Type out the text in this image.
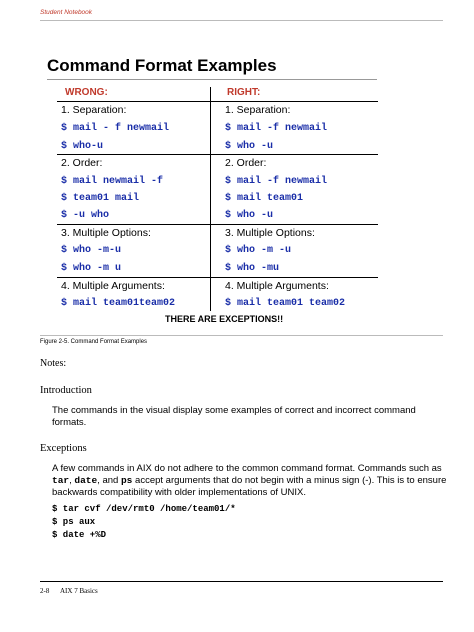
Student Notebook
Command Format Examples
WRONG:	RIGHT:
1. Separation:	1. Separation:
$ mail - f newmail	$ mail -f newmail
$ who-u	$ who -u
2. Order:	2. Order:
$ mail newmail -f	$ mail -f newmail
$ team01 mail	$ mail team01
$ -u who	$ who -u
3. Multiple Options:	3. Multiple Options:
$ who -m-u	$ who -m -u
$ who -m u	$ who -mu
4. Multiple Arguments:	4. Multiple Arguments:
$ mail team01team02	$ mail team01 team02
THERE ARE EXCEPTIONS!!
Figure 2-5. Command Format Examples
Notes:
Introduction
The commands in the visual display some examples of correct and incorrect command formats.
Exceptions
A few commands in AIX do not adhere to the common command format. Commands such as tar, date, and ps accept arguments that do not begin with a minus sign (-). This is to ensure backwards compatibility with older implementations of UNIX.
$ tar cvf /dev/rmt0 /home/team01/*
$ ps aux
$ date +%D
2-8 AIX 7 Basics
